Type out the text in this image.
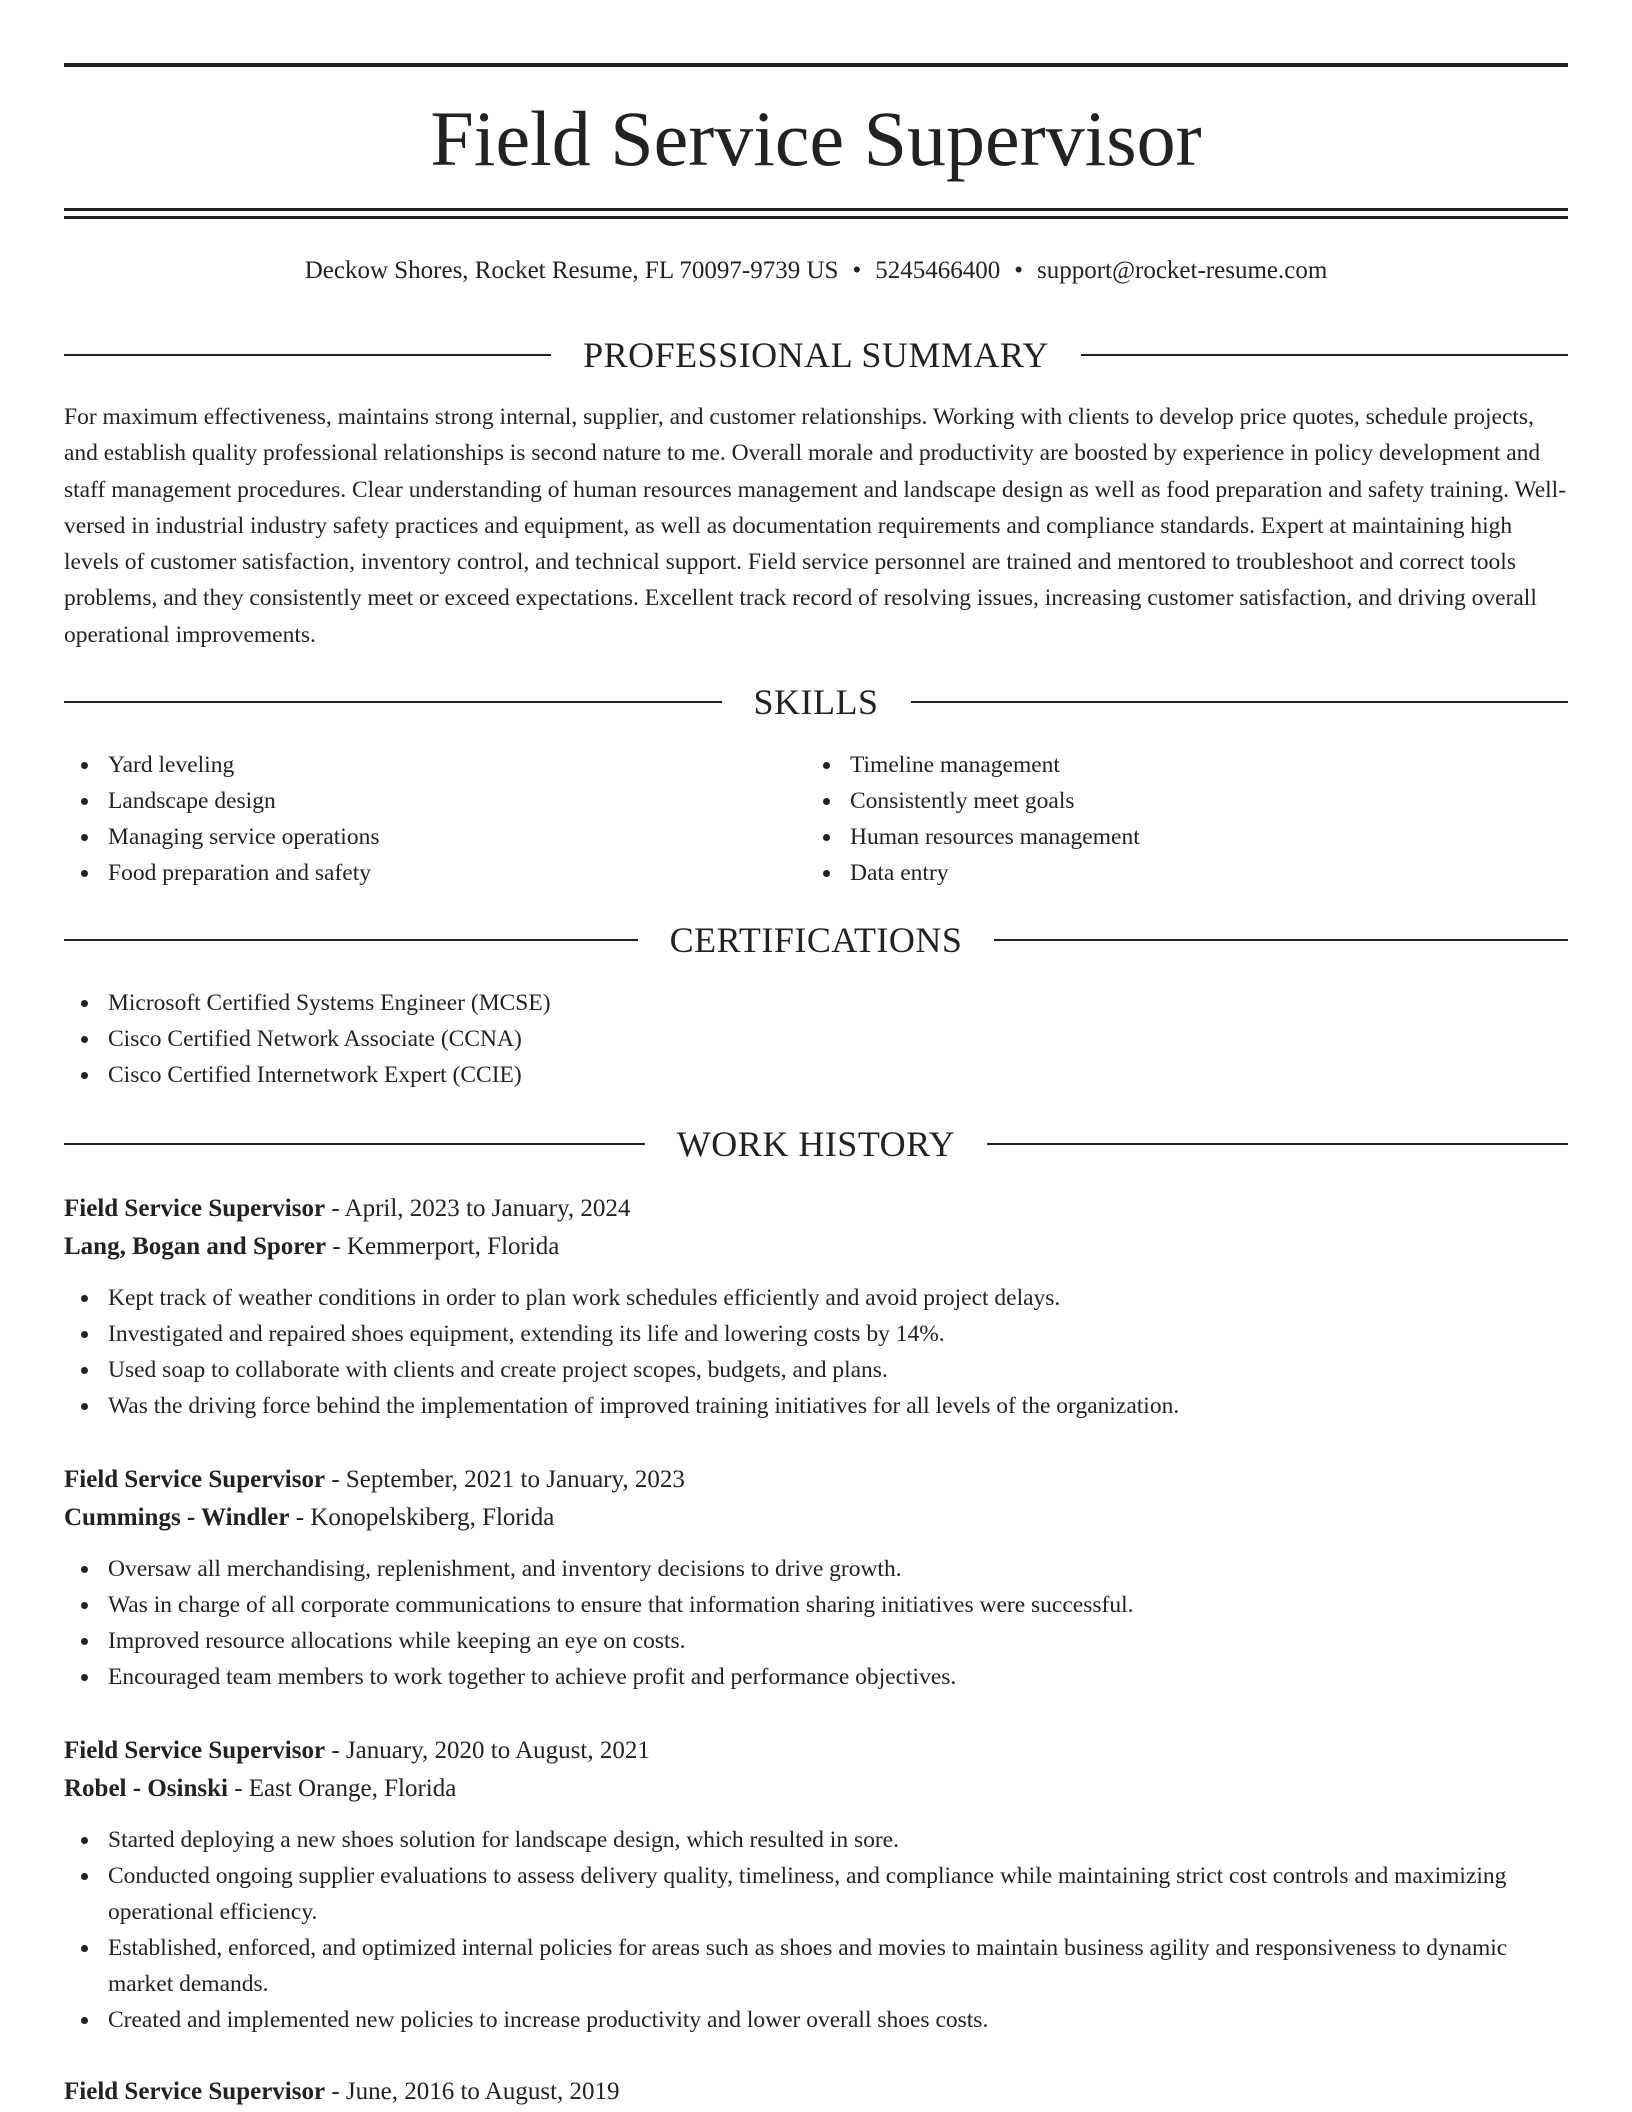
Field Service Supervisor
Deckow Shores, Rocket Resume, FL 70097-9739 US • 5245466400 • support@rocket-resume.com
PROFESSIONAL SUMMARY

For maximum effectiveness, maintains strong internal, supplier, and customer relationships. Working with clients to develop price quotes, schedule projects, and establish quality professional relationships is second nature to me. Overall morale and productivity are boosted by experience in policy development and staff management procedures. Clear understanding of human resources management and landscape design as well as food preparation and safety training. Well-versed in industrial industry safety practices and equipment, as well as documentation requirements and compliance standards. Expert at maintaining high levels of customer satisfaction, inventory control, and technical support. Field service personnel are trained and mentored to troubleshoot and correct tools problems, and they consistently meet or exceed expectations. Excellent track record of resolving issues, increasing customer satisfaction, and driving overall operational improvements.

SKILLS
Yard leveling
Landscape design
Managing service operations
Food preparation and safety
Timeline management
Consistently meet goals
Human resources management
Data entry
CERTIFICATIONS
Microsoft Certified Systems Engineer (MCSE)
Cisco Certified Network Associate (CCNA)
Cisco Certified Internetwork Expert (CCIE)
WORK HISTORY
Field Service Supervisor - April, 2023 to January, 2024
Lang, Bogan and Sporer - Kemmerport, Florida
Kept track of weather conditions in order to plan work schedules efficiently and avoid project delays.
Investigated and repaired shoes equipment, extending its life and lowering costs by 14%.
Used soap to collaborate with clients and create project scopes, budgets, and plans.
Was the driving force behind the implementation of improved training initiatives for all levels of the organization.
Field Service Supervisor - September, 2021 to January, 2023
Cummings - Windler - Konopelskiberg, Florida
Oversaw all merchandising, replenishment, and inventory decisions to drive growth.
Was in charge of all corporate communications to ensure that information sharing initiatives were successful.
Improved resource allocations while keeping an eye on costs.
Encouraged team members to work together to achieve profit and performance objectives.
Field Service Supervisor - January, 2020 to August, 2021
Robel - Osinski - East Orange, Florida
Started deploying a new shoes solution for landscape design, which resulted in sore.
Conducted ongoing supplier evaluations to assess delivery quality, timeliness, and compliance while maintaining strict cost controls and maximizing operational efficiency.
Established, enforced, and optimized internal policies for areas such as shoes and movies to maintain business agility and responsiveness to dynamic market demands.
Created and implemented new policies to increase productivity and lower overall shoes costs.
Field Service Supervisor - June, 2016 to August, 2019
